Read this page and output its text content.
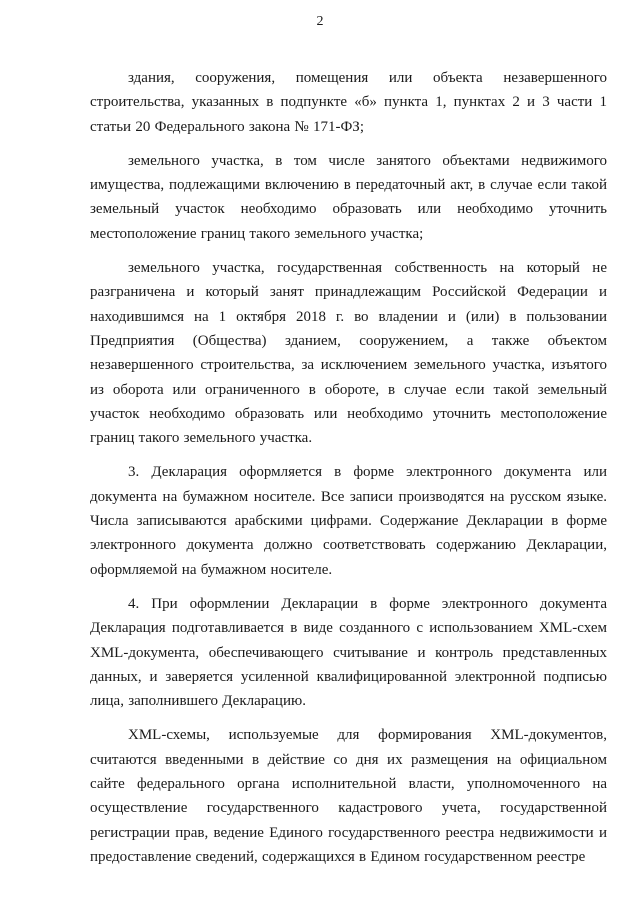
2

здания, сооружения, помещения или объекта незавершенного строительства, указанных в подпункте «б» пункта 1, пунктах 2 и 3 части 1 статьи 20 Федерального закона № 171-ФЗ;

земельного участка, в том числе занятого объектами недвижимого имущества, подлежащими включению в передаточный акт, в случае если такой земельный участок необходимо образовать или необходимо уточнить местоположение границ такого земельного участка;

земельного участка, государственная собственность на который не разграничена и который занят принадлежащим Российской Федерации и находившимся на 1 октября 2018 г. во владении и (или) в пользовании Предприятия (Общества) зданием, сооружением, а также объектом незавершенного строительства, за исключением земельного участка, изъятого из оборота или ограниченного в обороте, в случае если такой земельный участок необходимо образовать или необходимо уточнить местоположение границ такого земельного участка.

3. Декларация оформляется в форме электронного документа или документа на бумажном носителе. Все записи производятся на русском языке. Числа записываются арабскими цифрами. Содержание Декларации в форме электронного документа должно соответствовать содержанию Декларации, оформляемой на бумажном носителе.

4. При оформлении Декларации в форме электронного документа Декларация подготавливается в виде созданного с использованием XML-схем XML-документа, обеспечивающего считывание и контроль представленных данных, и заверяется усиленной квалифицированной электронной подписью лица, заполнившего Декларацию.

XML-схемы, используемые для формирования XML-документов, считаются введенными в действие со дня их размещения на официальном сайте федерального органа исполнительной власти, уполномоченного на осуществление государственного кадастрового учета, государственной регистрации прав, ведение Единого государственного реестра недвижимости и предоставление сведений, содержащихся в Едином государственном реестре
